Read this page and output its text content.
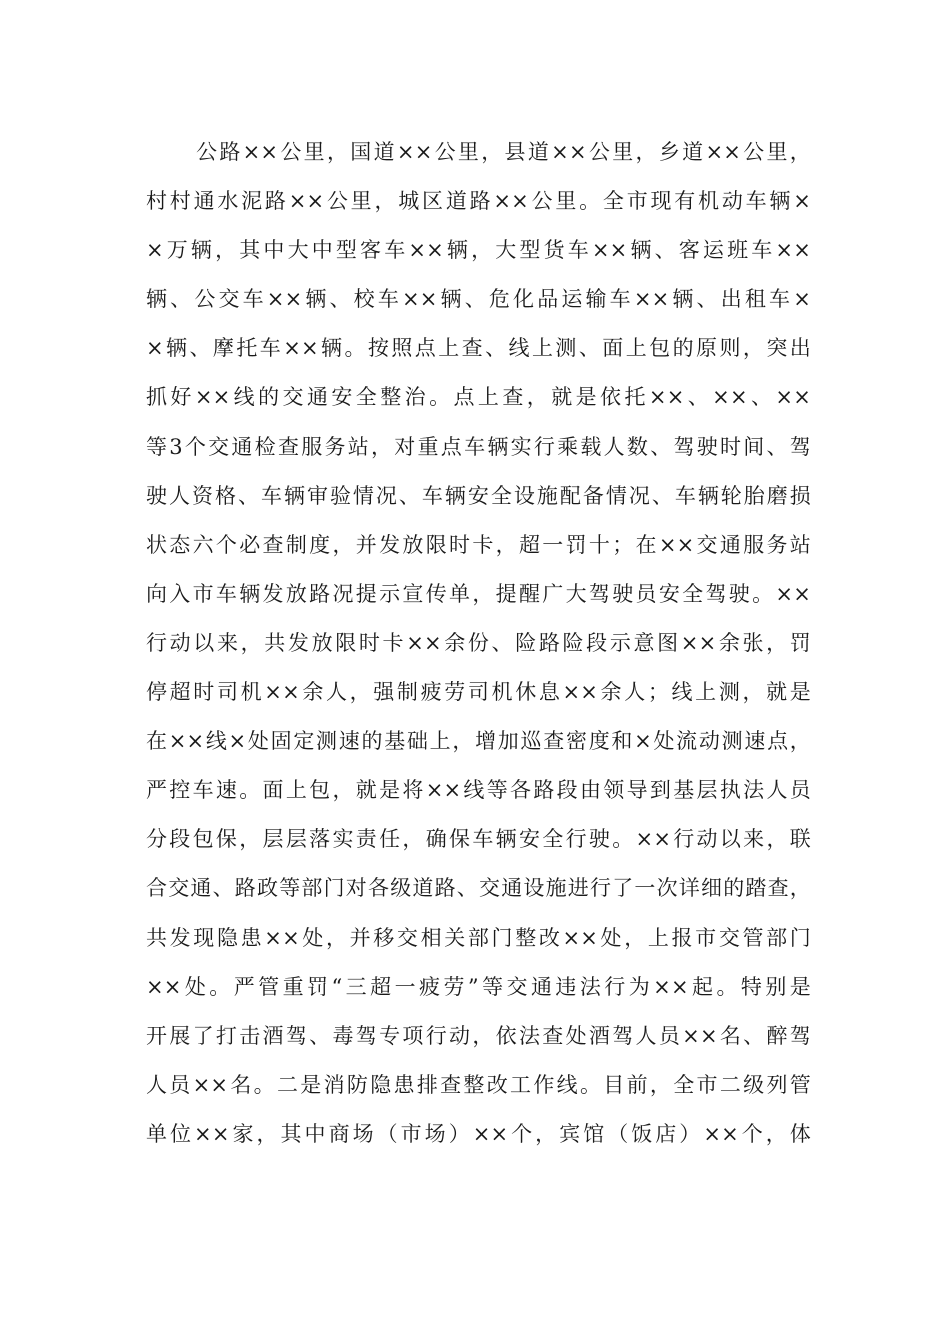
公路××公里，国道××公里，县道××公里，乡道××公里，
村村通水泥路××公里，城区道路××公里。全市现有机动车辆×
×万辆，其中大中型客车××辆，大型货车××辆、客运班车××
辆、公交车××辆、校车××辆、危化品运输车××辆、出租车×
×辆、摩托车××辆。按照点上查、线上测、面上包的原则，突出
抓好××线的交通安全整治。点上查，就是依托××、××、××
等3个交通检查服务站，对重点车辆实行乘载人数、驾驶时间、驾
驶人资格、车辆审验情况、车辆安全设施配备情况、车辆轮胎磨损
状态六个必查制度，并发放限时卡，超一罚十；在××交通服务站
向入市车辆发放路况提示宣传单，提醒广大驾驶员安全驾驶。××
行动以来，共发放限时卡××余份、险路险段示意图××余张，罚
停超时司机××余人，强制疲劳司机休息××余人；线上测，就是
在××线×处固定测速的基础上，增加巡查密度和×处流动测速点，
严控车速。面上包，就是将××线等各路段由领导到基层执法人员
分段包保，层层落实责任，确保车辆安全行驶。××行动以来，联
合交通、路政等部门对各级道路、交通设施进行了一次详细的踏查，
共发现隐患××处，并移交相关部门整改××处，上报市交管部门
××处。严管重罚“三超一疲劳”等交通违法行为××起。特别是
开展了打击酒驾、毒驾专项行动，依法查处酒驾人员××名、醉驾
人员××名。二是消防隐患排查整改工作线。目前，全市二级列管
单位××家，其中商场（市场）××个，宾馆（饭店）××个，体
